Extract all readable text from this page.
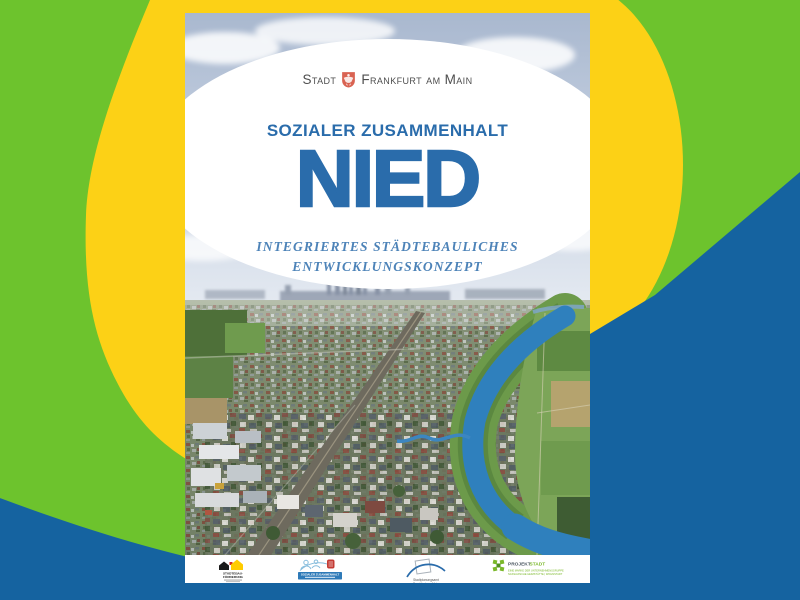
Stadt Frankfurt am Main
SOZIALER ZUSAMMENHALT
NIED
INTEGRIERTES STÄDTEBAULICHES
ENTWICKLUNGSKONZEPT
STÄDTEBAU-
FÖRDERUNG
SOZIALER ZUSAMMENHALT
Stadtplanungsamt
PROJEKT
STADT
EINE MARKE DER UNTERNEHMENSGRUPPE
NASSAUISCHE HEIMSTÄTTE | WOHNSTADT
